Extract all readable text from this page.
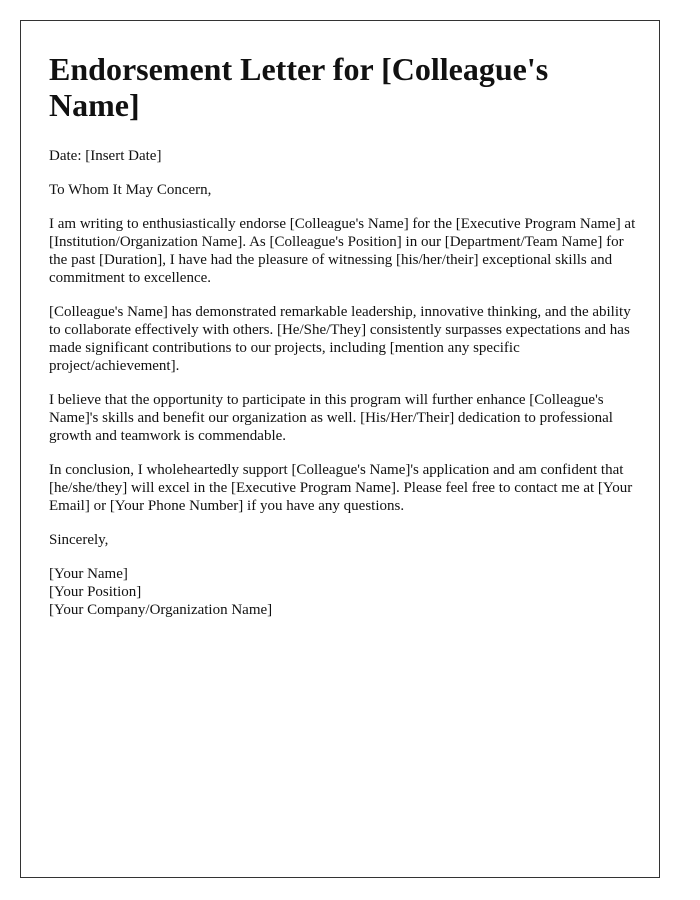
Endorsement Letter for [Colleague's Name]

Date: [Insert Date]

To Whom It May Concern,

I am writing to enthusiastically endorse [Colleague's Name] for the [Executive Program Name] at [Institution/Organization Name]. As [Colleague's Position] in our [Department/Team Name] for the past [Duration], I have had the pleasure of witnessing [his/her/their] exceptional skills and commitment to excellence.

[Colleague's Name] has demonstrated remarkable leadership, innovative thinking, and the ability to collaborate effectively with others. [He/She/They] consistently surpasses expectations and has made significant contributions to our projects, including [mention any specific project/achievement].

I believe that the opportunity to participate in this program will further enhance [Colleague's Name]'s skills and benefit our organization as well. [His/Her/Their] dedication to professional growth and teamwork is commendable.

In conclusion, I wholeheartedly support [Colleague's Name]'s application and am confident that [he/she/they] will excel in the [Executive Program Name]. Please feel free to contact me at [Your Email] or [Your Phone Number] if you have any questions.

Sincerely,

[Your Name]

[Your Position]

[Your Company/Organization Name]
